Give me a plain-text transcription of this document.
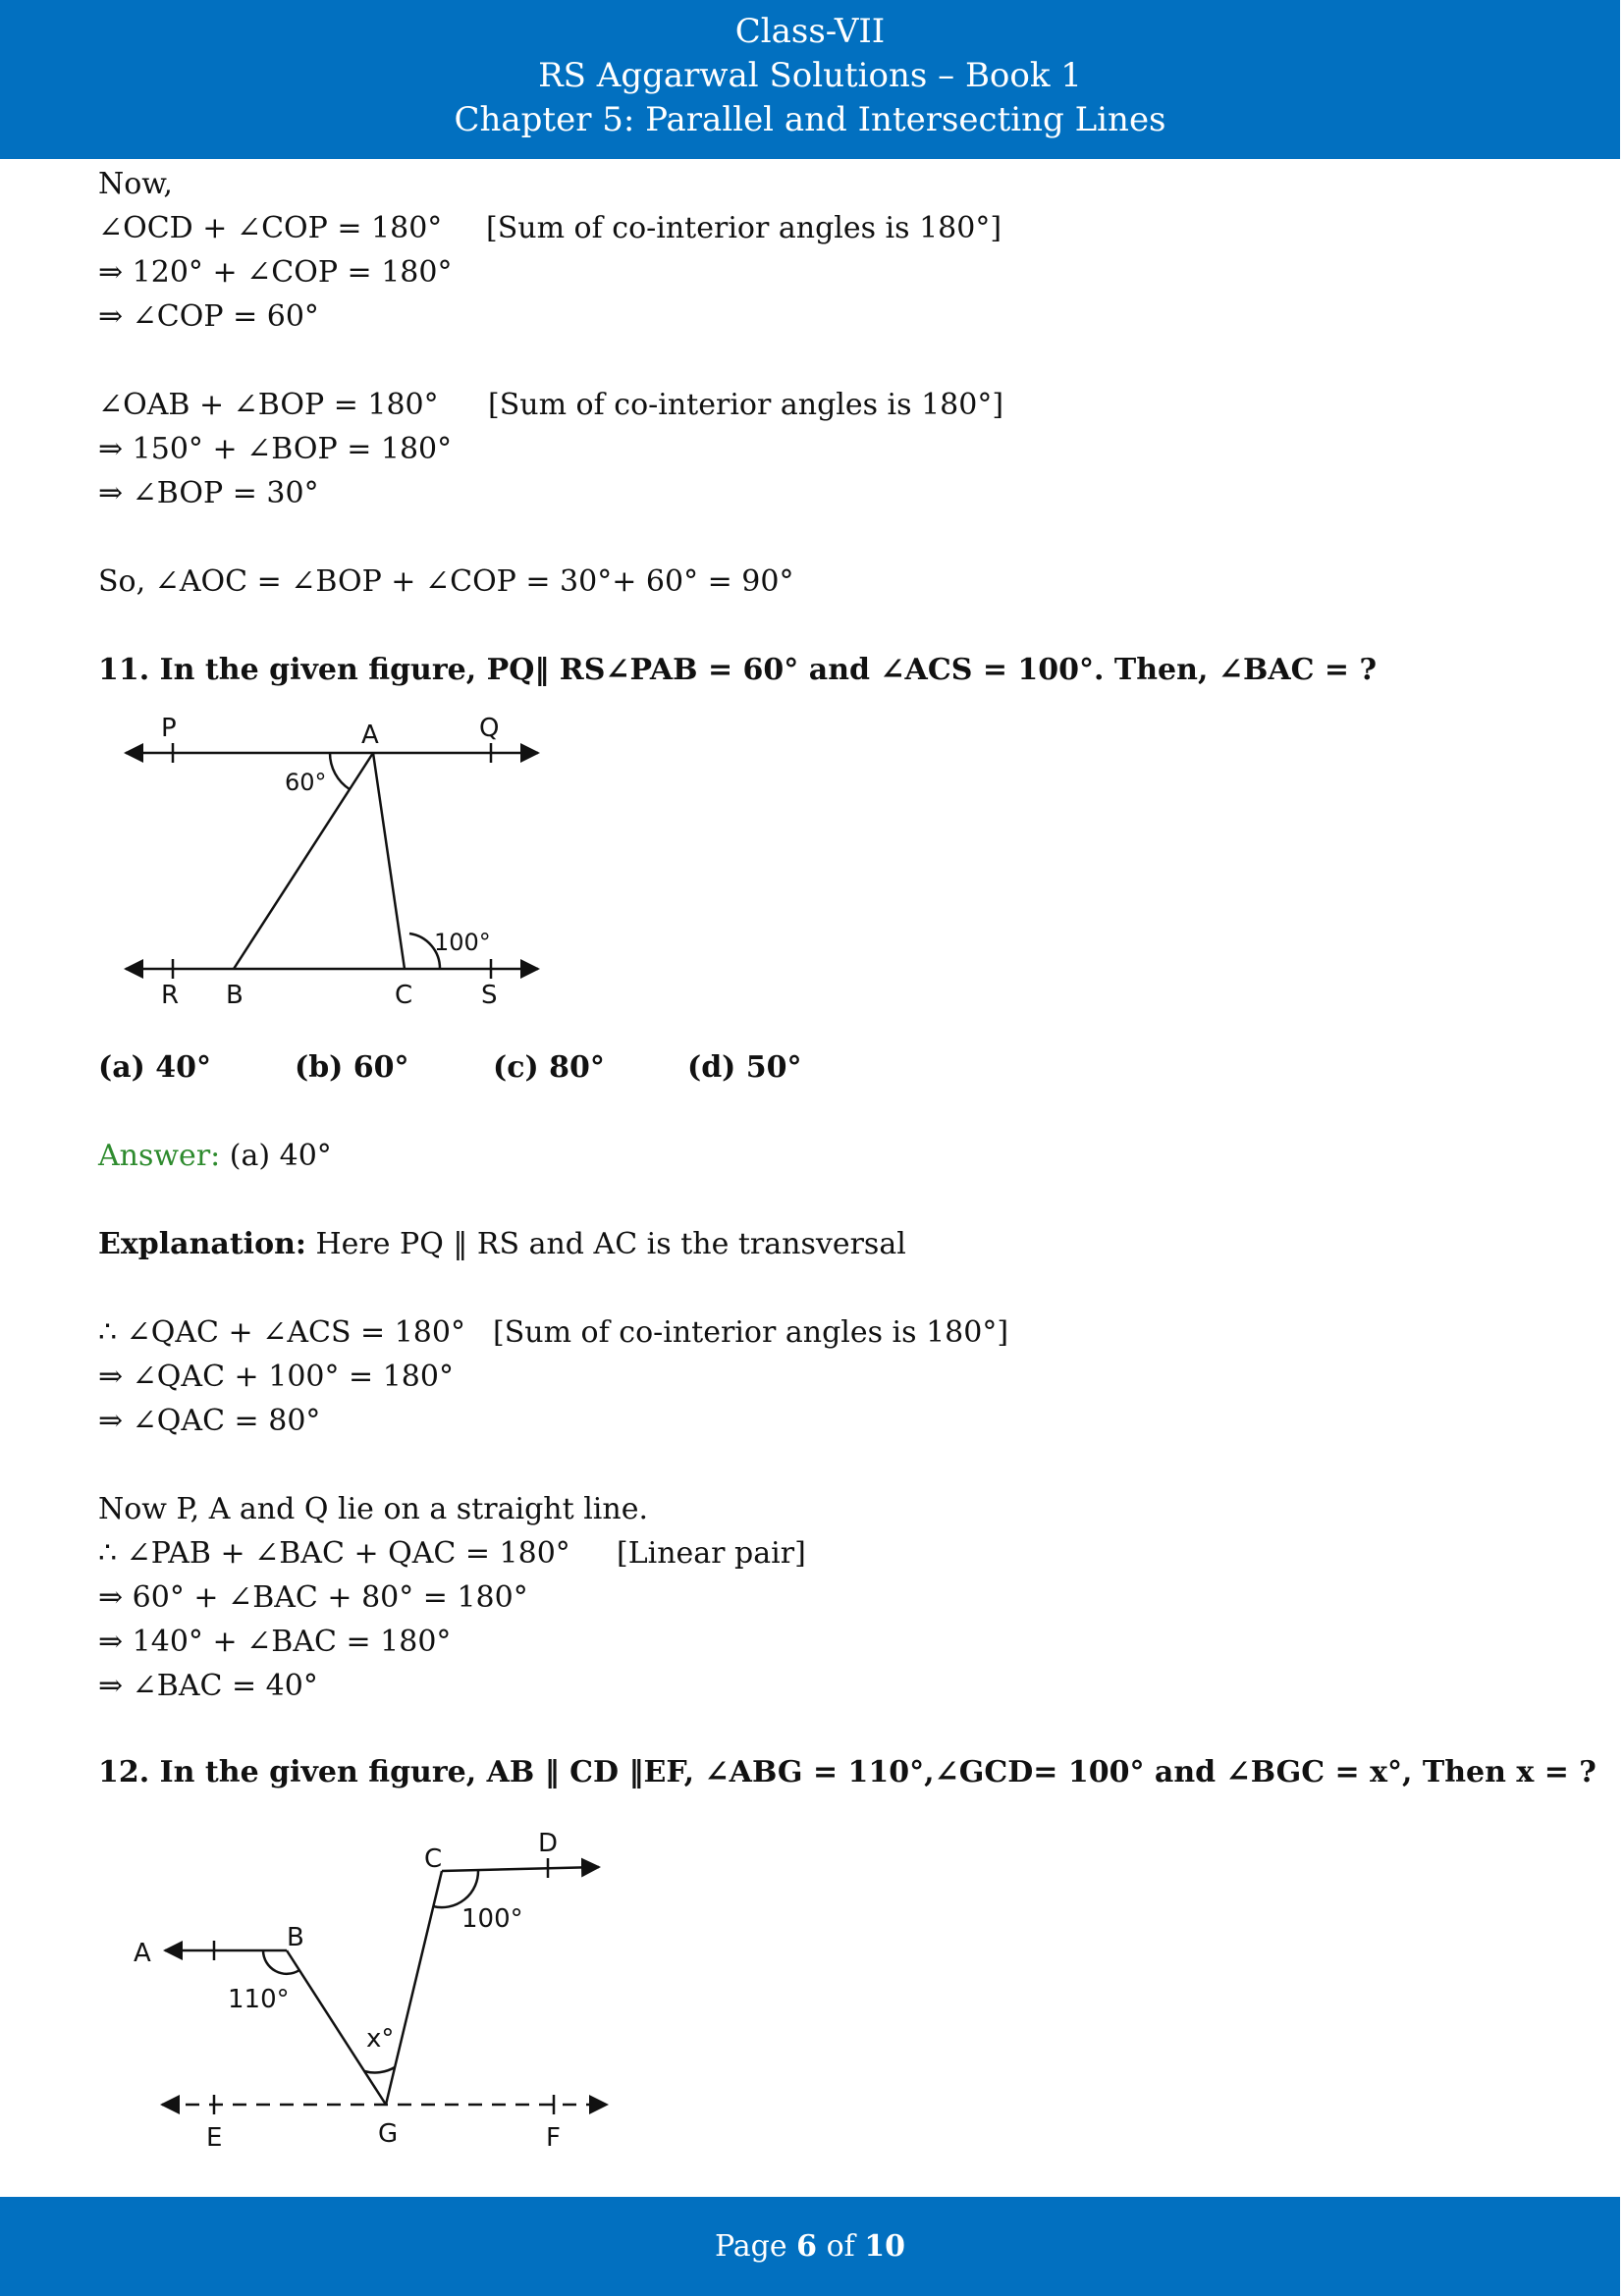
Class-VII
RS Aggarwal Solutions – Book 1
Chapter 5: Parallel and Intersecting Lines
Now,
∠OCD + ∠COP = 180° [Sum of co-interior angles is 180°]
⇒ 120° + ∠COP = 180°
⇒ ∠COP = 60°
∠OAB + ∠BOP = 180° [Sum of co-interior angles is 180°]
⇒ 150° + ∠BOP = 180°
⇒ ∠BOP = 30°
So, ∠AOC = ∠BOP + ∠COP = 30°+ 60° = 90°
11. In the given figure, PQ‖ RS∠PAB = 60° and ∠ACS = 100°. Then, ∠BAC = ?
P	A	Q
60°
100°
R B	C	S
A
B
C
D
110°
100°
x°
E	G	F
(a) 40°	(b) 60°	(c) 80°	(d) 50°
Answer: (a) 40°
Explanation: Here PQ ‖ RS and AC is the transversal
∴ ∠QAC + ∠ACS = 180° [Sum of co-interior angles is 180°]
⇒ ∠QAC + 100° = 180°
⇒ ∠QAC = 80°
Now P, A and Q lie on a straight line.
∴ ∠PAB + ∠BAC + QAC = 180° [Linear pair]
⇒ 60° + ∠BAC + 80° = 180°
⇒ 140° + ∠BAC = 180°
⇒ ∠BAC = 40°
12. In the given figure, AB ‖ CD ‖EF, ∠ABG = 110°,∠GCD= 100° and ∠BGC = x°, Then x = ?
Page 6 of 10
